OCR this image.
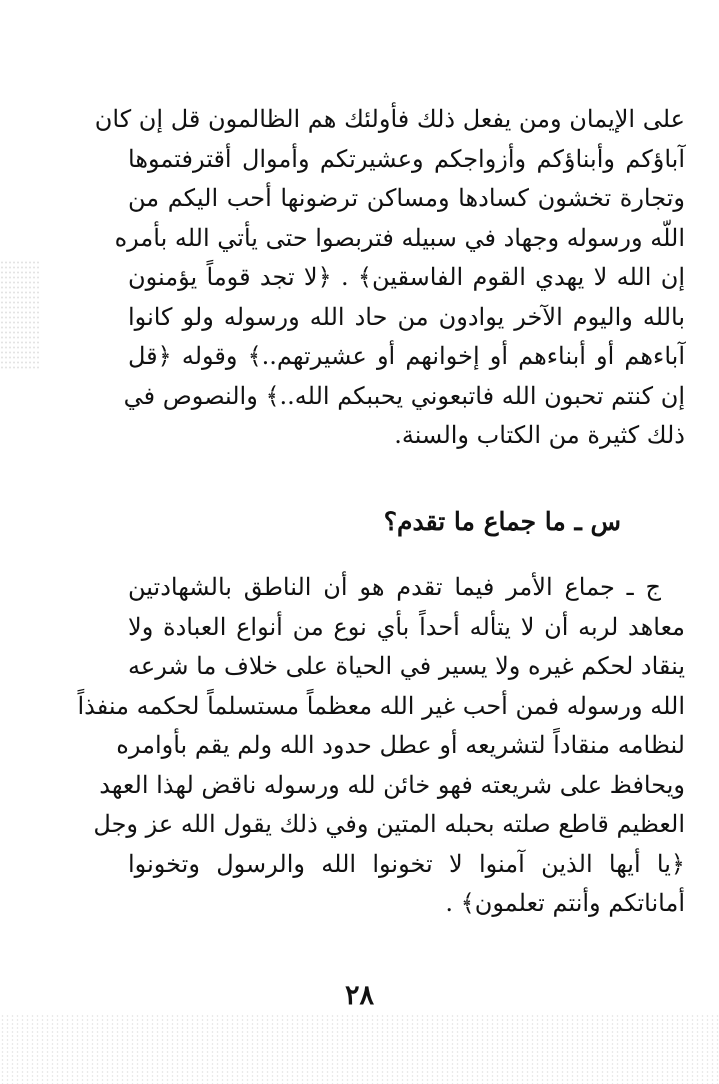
على الإيمان ومن يفعل ذلك فأولئك هم الظالمون قل إن كان
آباؤكم وأبناؤكم وأزواجكم وعشيرتكم وأموال أقترفتموها
وتجارة تخشون كسادها ومساكن ترضونها أحب اليكم من
اللّه ورسوله وجهاد في سبيله فتربصوا حتى يأتي الله بأمره
إن الله لا يهدي القوم الفاسقين﴾ . ﴿لا تجد قوماً يؤمنون
بالله واليوم الآخر يوادون من حاد الله ورسوله ولو كانوا
آباءهم أو أبناءهم أو إخوانهم أو عشيرتهم..﴾ وقوله ﴿قل
إن كنتم تحبون الله فاتبعوني يحببكم الله..﴾ والنصوص في
ذلك كثيرة من الكتاب والسنة.
س ـ ما جماع ما تقدم؟
ج ـ جماع الأمر فيما تقدم هو أن الناطق بالشهادتين
معاهد لربه أن لا يتأله أحداً بأي نوع من أنواع العبادة ولا
ينقاد لحكم غيره ولا يسير في الحياة على خلاف ما شرعه
الله ورسوله فمن أحب غير الله معظماً مستسلماً لحكمه منفذاً
لنظامه منقاداً لتشريعه أو عطل حدود الله ولم يقم بأوامره
ويحافظ على شريعته فهو خائن لله ورسوله ناقض لهذا العهد
العظيم قاطع صلته بحبله المتين وفي ذلك يقول الله عز وجل
﴿يا أيها الذين آمنوا لا تخونوا الله والرسول وتخونوا
أماناتكم وأنتم تعلمون﴾ .
٢٨
